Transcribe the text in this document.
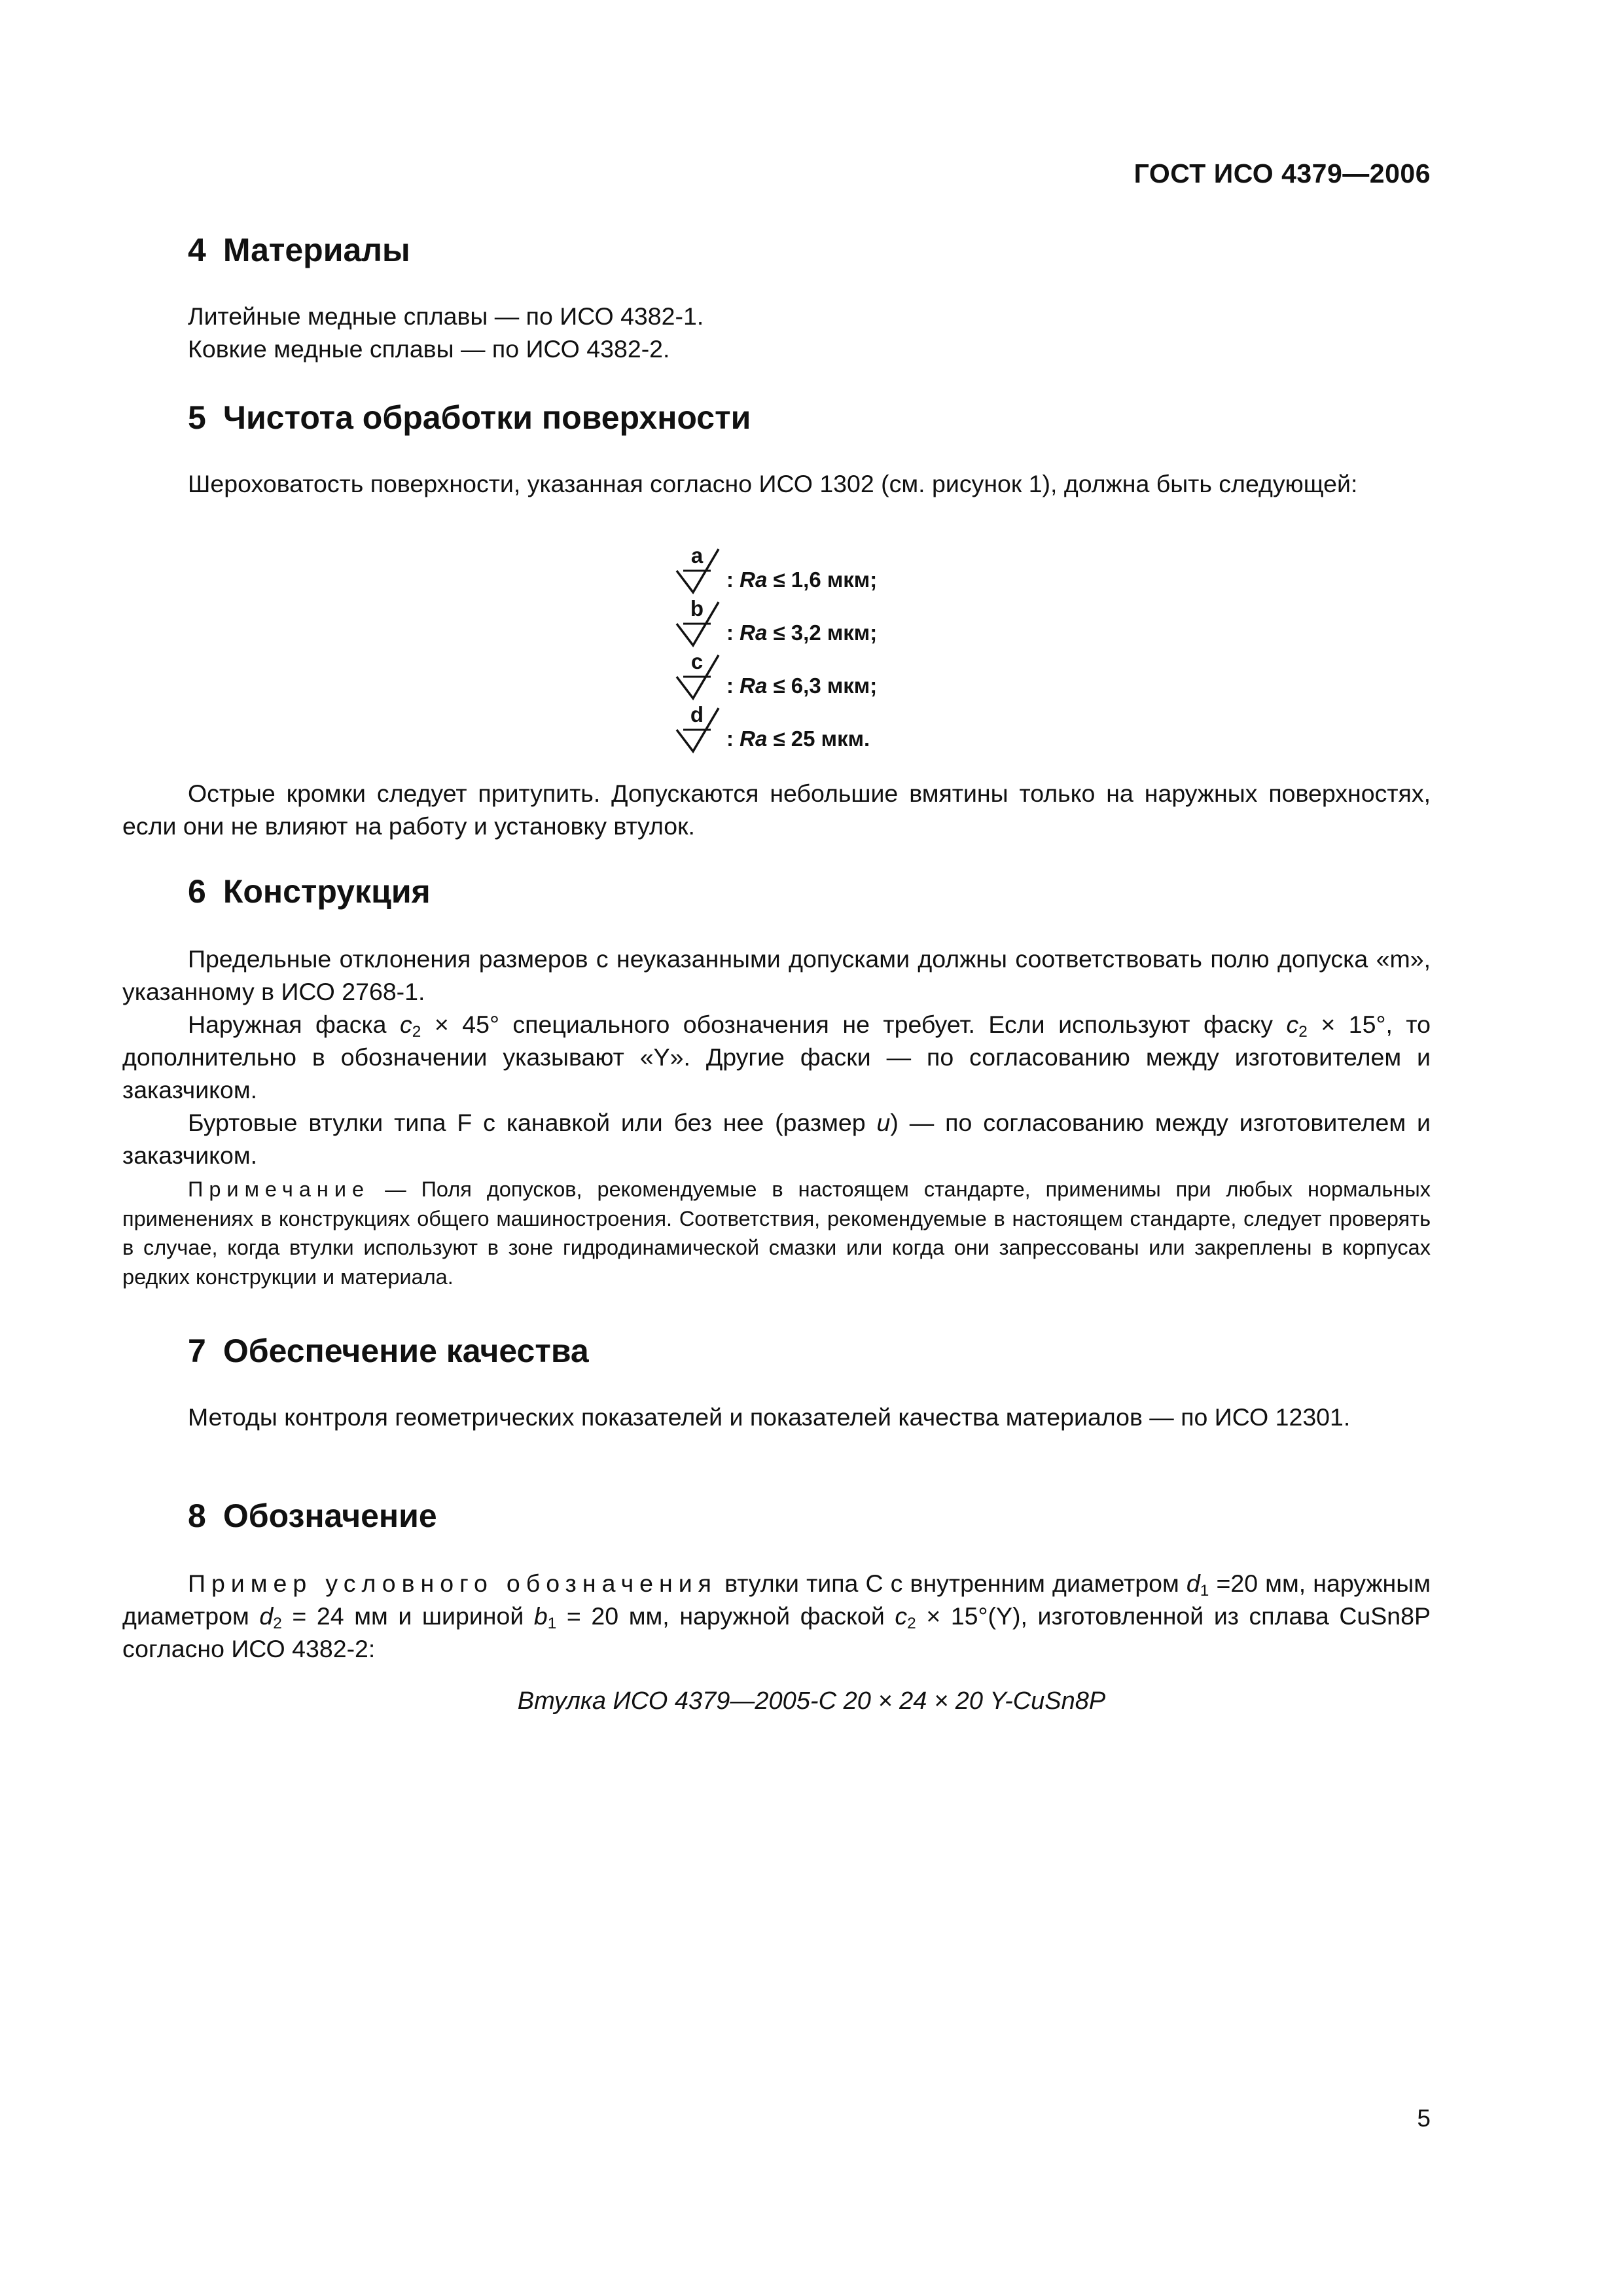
ГОСТ ИСО 4379—2006
4 Материалы

Литейные медные сплавы — по ИСО 4382-1.

Ковкие медные сплавы — по ИСО 4382-2.

5 Чистота обработки поверхности

Шероховатость поверхности, указанная согласно ИСО 1302 (см. рисунок 1), должна быть следующей:

a
: Ra ≤ 1,6 мкм;
b
: Ra ≤ 3,2 мкм;
c
: Ra ≤ 6,3 мкм;
d
: Ra ≤ 25 мкм.

Острые кромки следует притупить. Допускаются небольшие вмятины только на наружных поверхностях, если они не влияют на работу и установку втулок.

6 Конструкция

Предельные отклонения размеров с неуказанными допусками должны соответствовать полю допуска «m», указанному в ИСО 2768-1.

Наружная фаска $c_2 \times 45^\circ$ специального обозначения не требует. Если используют фаску $c_2 \times 15^\circ$, то дополнительно в обозначении указывают «Y». Другие фаски — по согласованию между изготовителем и заказчиком.

Буртовые втулки типа F с канавкой или без нее (размер u) — по согласованию между изготовителем и заказчиком.

Примечание — Поля допусков, рекомендуемые в настоящем стандарте, применимы при любых нормальных применениях в конструкциях общего машиностроения. Соответствия, рекомендуемые в настоящем стандарте, следует проверять в случае, когда втулки используют в зоне гидродинамической смазки или когда они запрессованы или закреплены в корпусах редких конструкции и материала.

7 Обеспечение качества

Методы контроля геометрических показателей и показателей качества материалов — по ИСО 12301.

8 Обозначение

Пример условного обозначения втулки типа С с внутренним диаметром $d_1 =20$ мм, наружным диаметром $d_2 = 24$ мм и шириной $b_1 = 20$ мм, наружной фаской $c_2 \times 15^\circ(Y)$, изготовленной из сплава CuSn8P согласно ИСО 4382-2:

Втулка ИСО 4379—2005-С 20 × 24 × 20 Y-CuSn8P
5
